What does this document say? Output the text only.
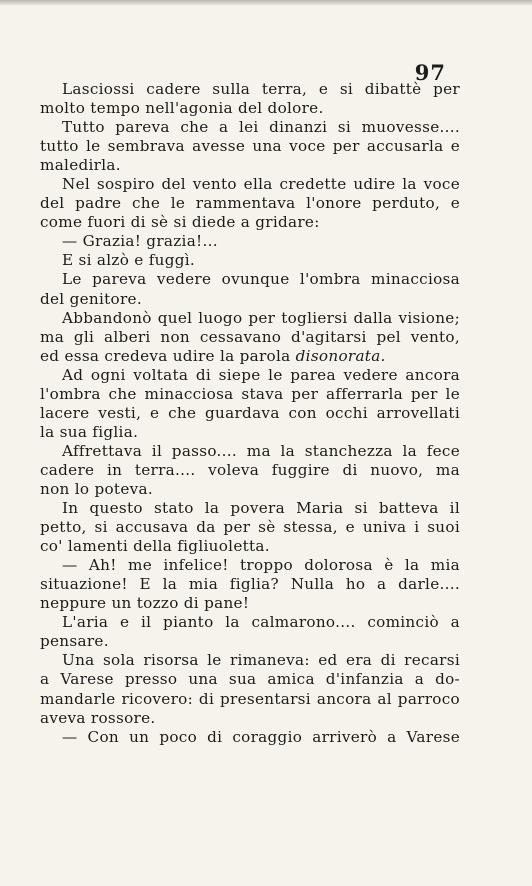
97
Lasciossi cadere sulla terra, e si dibattè per
molto tempo nell'agonia del dolore.
Tutto pareva che a lei dinanzi si muovesse....
tutto le sembrava avesse una voce per accusarla e
maledirla.
Nel sospiro del vento ella credette udire la voce
del padre che le rammentava l'onore perduto, e
come fuori di sè si diede a gridare:
— Grazia! grazia!...
E si alzò e fuggì.
Le pareva vedere ovunque l'ombra minacciosa
del genitore.
Abbandonò quel luogo per togliersi dalla visione;
ma gli alberi non cessavano d'agitarsi pel vento,
ed essa credeva udire la parola disonorata.
Ad ogni voltata di siepe le parea vedere ancora
l'ombra che minacciosa stava per afferrarla per le
lacere vesti, e che guardava con occhi arrovellati
la sua figlia.
Affrettava il passo.... ma la stanchezza la fece
cadere in terra.... voleva fuggire di nuovo, ma
non lo poteva.
In questo stato la povera Maria si batteva il
petto, si accusava da per sè stessa, e univa i suoi
co' lamenti della figliuoletta.
— Ah! me infelice! troppo dolorosa è la mia
situazione! E la mia figlia? Nulla ho a darle....
neppure un tozzo di pane!
L'aria e il pianto la calmarono.... cominciò a
pensare.
Una sola risorsa le rimaneva: ed era di recarsi
a Varese presso una sua amica d'infanzia a do-
mandarle ricovero: di presentarsi ancora al parroco
aveva rossore.
— Con un poco di coraggio arriverò a Varese
